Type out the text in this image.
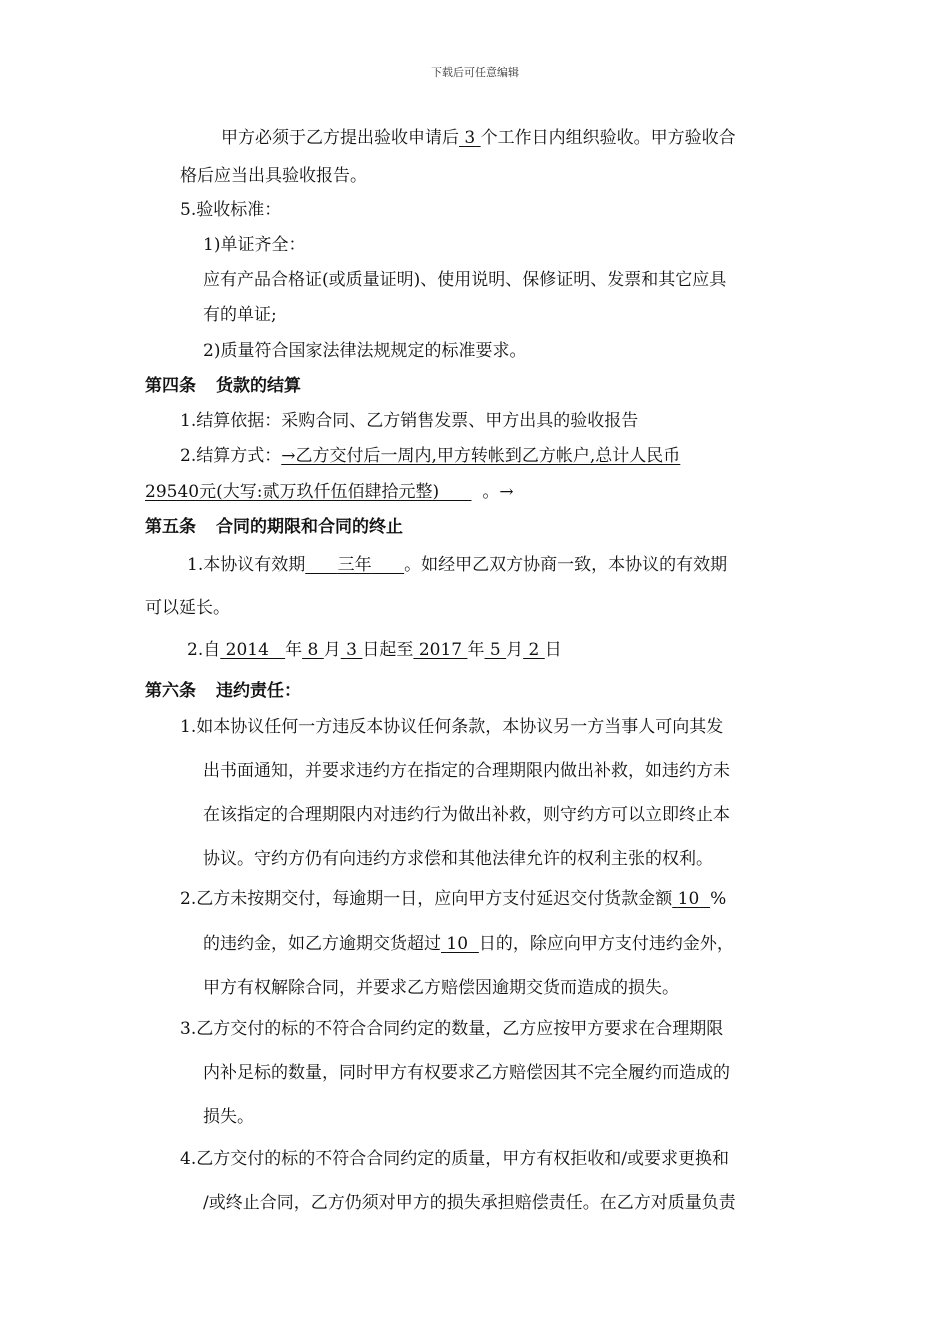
下载后可任意编辑
甲方必须于乙方提出验收申请后 3 个工作日内组织验收。甲方验收合
格后应当出具验收报告。
5.验收标准：
1)单证齐全：
应有产品合格证(或质量证明)、使用说明、保修证明、发票和其它应具
有的单证;
2)质量符合国家法律法规规定的标准要求。
第四条 货款的结算
1.结算依据：采购合同、乙方销售发票、甲方出具的验收报告
2.结算方式：→乙方交付后一周内,甲方转帐到乙方帐户,总计人民币
29540元(大写:贰万玖仟伍佰肆拾元整)	。→
第五条 合同的期限和合同的终止
1.本协议有效期 三年 。如经甲乙双方协商一致，本协议的有效期
可以延长。
2.自 2014 年 8 月 3 日起至 2017 年 5 月 2 日
第六条 违约责任：
1.如本协议任何一方违反本协议任何条款，本协议另一方当事人可向其发
出书面通知，并要求违约方在指定的合理期限内做出补救，如违约方未
在该指定的合理期限内对违约行为做出补救，则守约方可以立即终止本
协议。守约方仍有向违约方求偿和其他法律允许的权利主张的权利。
2.乙方未按期交付，每逾期一日，应向甲方支付延迟交付货款金额 10 %
的违约金，如乙方逾期交货超过 10 日的，除应向甲方支付违约金外，
甲方有权解除合同，并要求乙方赔偿因逾期交货而造成的损失。
3.乙方交付的标的不符合合同约定的数量，乙方应按甲方要求在合理期限
内补足标的数量，同时甲方有权要求乙方赔偿因其不完全履约而造成的
损失。
4.乙方交付的标的不符合合同约定的质量，甲方有权拒收和/或要求更换和
/或终止合同，乙方仍须对甲方的损失承担赔偿责任。在乙方对质量负责
